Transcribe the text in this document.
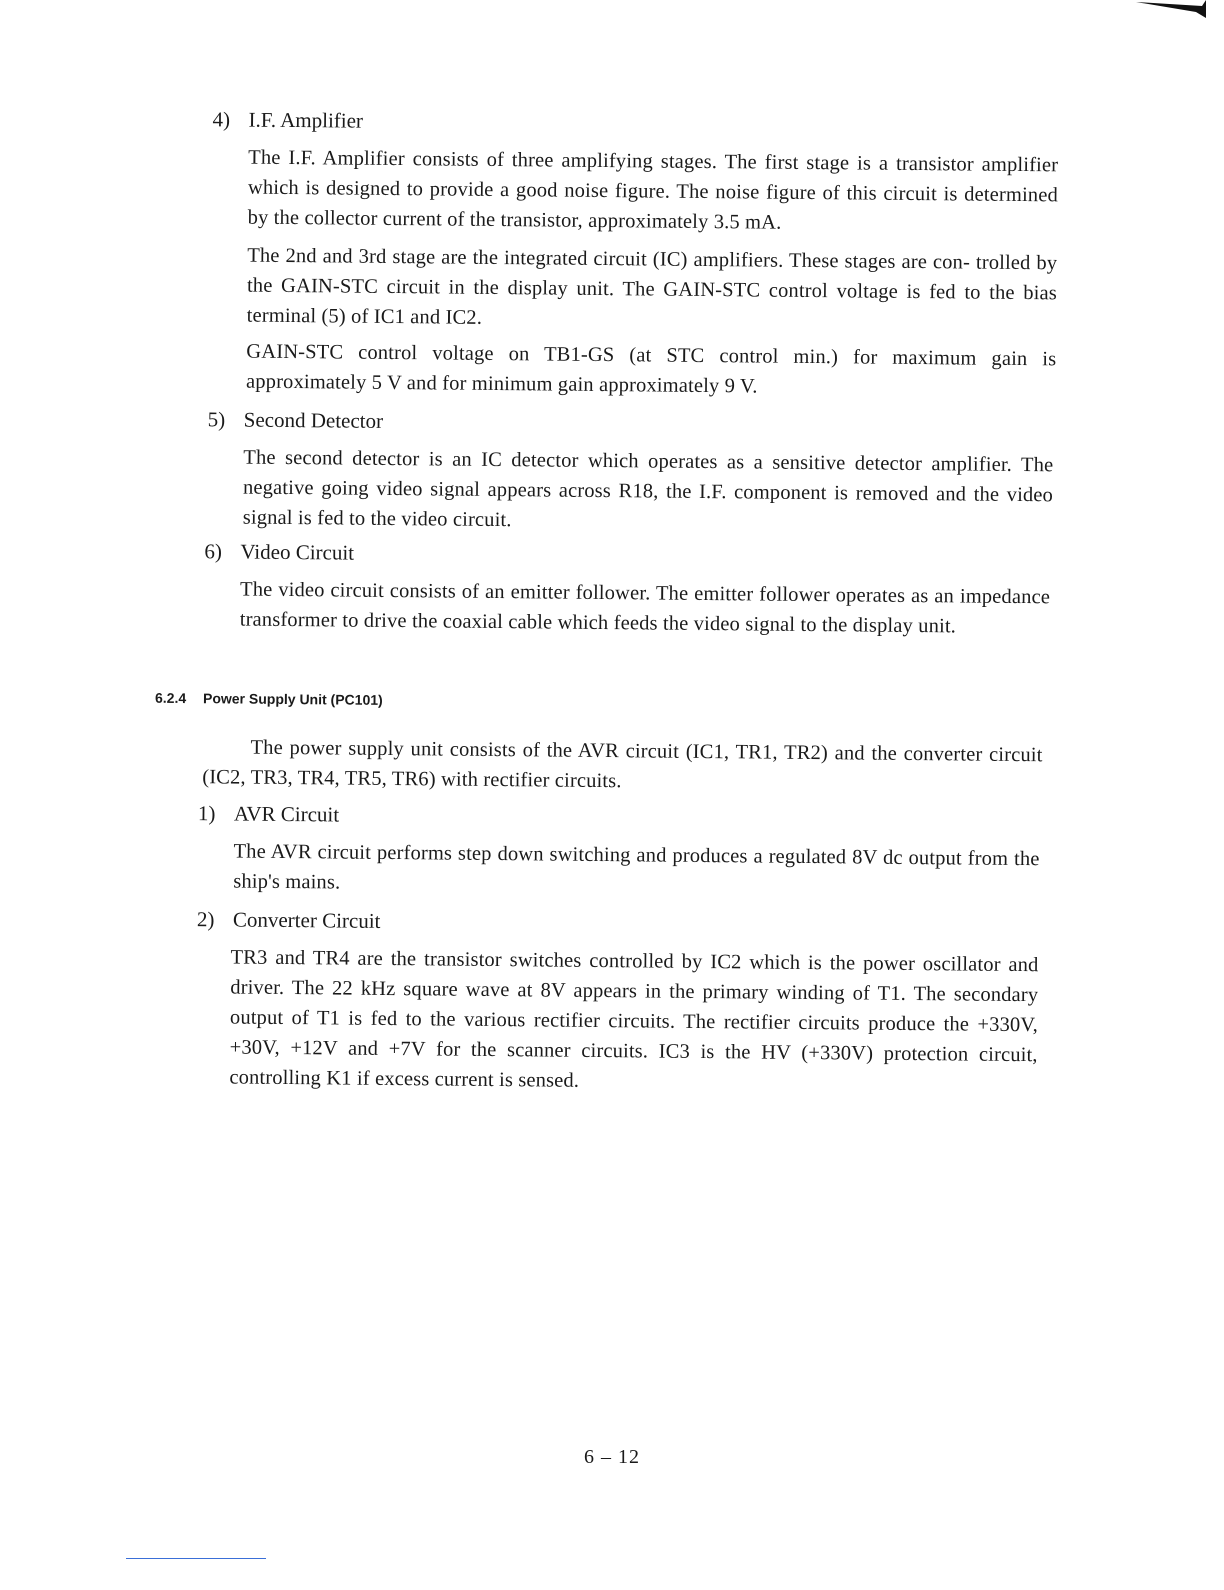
4) I.F. Amplifier
The I.F. Amplifier consists of three amplifying stages. The first stage is a transistor amplifier which is designed to provide a good noise figure. The noise figure of this circuit is determined by the collector current of the transistor, approximately 3.5 mA.
The 2nd and 3rd stage are the integrated circuit (IC) amplifiers. These stages are con- trolled by the GAIN-STC circuit in the display unit. The GAIN-STC control voltage is fed to the bias terminal (5) of IC1 and IC2.
GAIN-STC control voltage on TB1-GS (at STC control min.) for maximum gain is approximately 5 V and for minimum gain approximately 9 V.
5) Second Detector
The second detector is an IC detector which operates as a sensitive detector amplifier. The negative going video signal appears across R18, the I.F. component is removed and the video signal is fed to the video circuit.
6) Video Circuit
The video circuit consists of an emitter follower. The emitter follower operates as an impedance transformer to drive the coaxial cable which feeds the video signal to the display unit.
6.2.4 Power Supply Unit (PC101)
The power supply unit consists of the AVR circuit (IC1, TR1, TR2) and the converter circuit (IC2, TR3, TR4, TR5, TR6) with rectifier circuits.
1) AVR Circuit
The AVR circuit performs step down switching and produces a regulated 8V dc output from the ship's mains.
2) Converter Circuit
TR3 and TR4 are the transistor switches controlled by IC2 which is the power oscillator and driver. The 22 kHz square wave at 8V appears in the primary winding of T1. The secondary output of T1 is fed to the various rectifier circuits. The rectifier circuits produce the +330V, +30V, +12V and +7V for the scanner circuits. IC3 is the HV (+330V) protection circuit, controlling K1 if excess current is sensed.
6 – 12
